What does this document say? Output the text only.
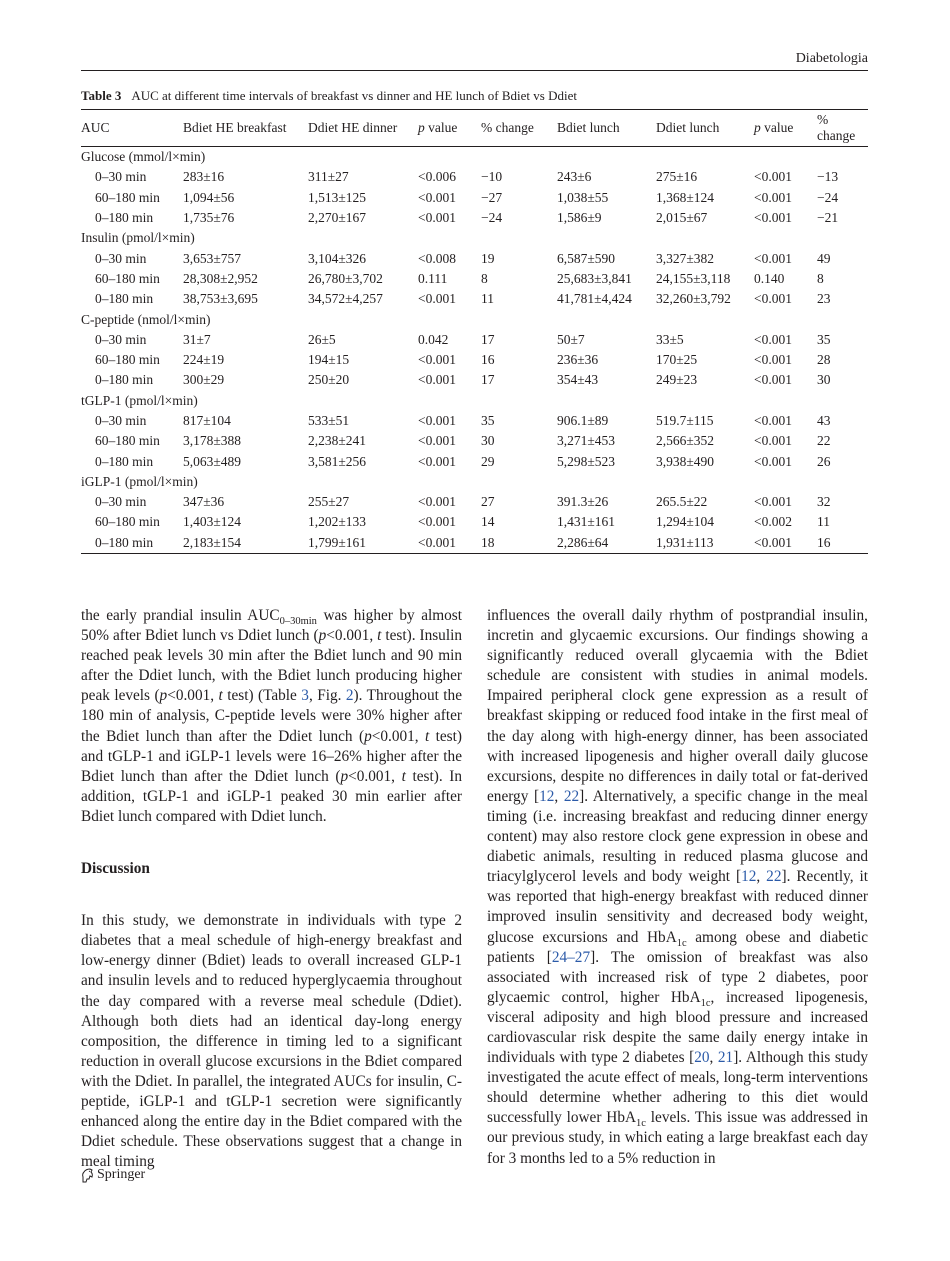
Diabetologia
Table 3 AUC at different time intervals of breakfast vs dinner and HE lunch of Bdiet vs Ddiet
AUC	Bdiet HE breakfast	Ddiet HE dinner	p value	% change	Bdiet lunch	Ddiet lunch	p value	% change
Glucose (mmol/l×min)								
0–30 min	283±16	311±27	<0.006	−10	243±6	275±16	<0.001	−13
60–180 min	1,094±56	1,513±125	<0.001	−27	1,038±55	1,368±124	<0.001	−24
0–180 min	1,735±76	2,270±167	<0.001	−24	1,586±9	2,015±67	<0.001	−21
Insulin (pmol/l×min)								
0–30 min	3,653±757	3,104±326	<0.008	19	6,587±590	3,327±382	<0.001	49
60–180 min	28,308±2,952	26,780±3,702	0.111	8	25,683±3,841	24,155±3,118	0.140	8
0–180 min	38,753±3,695	34,572±4,257	<0.001	11	41,781±4,424	32,260±3,792	<0.001	23
C-peptide (nmol/l×min)								
0–30 min	31±7	26±5	0.042	17	50±7	33±5	<0.001	35
60–180 min	224±19	194±15	<0.001	16	236±36	170±25	<0.001	28
0–180 min	300±29	250±20	<0.001	17	354±43	249±23	<0.001	30
tGLP-1 (pmol/l×min)								
0–30 min	817±104	533±51	<0.001	35	906.1±89	519.7±115	<0.001	43
60–180 min	3,178±388	2,238±241	<0.001	30	3,271±453	2,566±352	<0.001	22
0–180 min	5,063±489	3,581±256	<0.001	29	5,298±523	3,938±490	<0.001	26
iGLP-1 (pmol/l×min)								
0–30 min	347±36	255±27	<0.001	27	391.3±26	265.5±22	<0.001	32
60–180 min	1,403±124	1,202±133	<0.001	14	1,431±161	1,294±104	<0.002	11
0–180 min	2,183±154	1,799±161	<0.001	18	2,286±64	1,931±113	<0.001	16

the early prandial insulin $AUC_{0-30min}$ was higher by almost 50% after Bdiet lunch vs Ddiet lunch (p<0.001, t test). Insulin reached peak levels 30 min after the Bdiet lunch and 90 min after the Ddiet lunch, with the Bdiet lunch producing higher peak levels (p<0.001, t test) (Table 3, Fig. 2). Throughout the 180 min of analysis, C-peptide levels were 30% higher after the Bdiet lunch than after the Ddiet lunch (p<0.001, t test) and tGLP-1 and iGLP-1 levels were 16–26% higher after the Bdiet lunch than after the Ddiet lunch (p<0.001, t test). In addition, tGLP-1 and iGLP-1 peaked 30 min earlier after Bdiet lunch compared with Ddiet lunch.

Discussion

In this study, we demonstrate in individuals with type 2 diabetes that a meal schedule of high-energy breakfast and low-energy dinner (Bdiet) leads to overall increased GLP-1 and insulin levels and to reduced hyperglycaemia throughout the day compared with a reverse meal schedule (Ddiet). Although both diets had an identical day-long energy composition, the difference in timing led to a significant reduction in overall glucose excursions in the Bdiet compared with the Ddiet. In parallel, the integrated AUCs for insulin, C-peptide, iGLP-1 and tGLP-1 secretion were significantly enhanced along the entire day in the Bdiet compared with the Ddiet schedule. These observations suggest that a change in meal timing

influences the overall daily rhythm of postprandial insulin, incretin and glycaemic excursions. Our findings showing a significantly reduced overall glycaemia with the Bdiet schedule are consistent with studies in animal models. Impaired peripheral clock gene expression as a result of breakfast skipping or reduced food intake in the first meal of the day along with high-energy dinner, has been associated with increased lipogenesis and higher overall daily glucose excursions, despite no differences in daily total or fat-derived energy [12, 22]. Alternatively, a specific change in the meal timing (i.e. increasing breakfast and reducing dinner energy content) may also restore clock gene expression in obese and diabetic animals, resulting in reduced plasma glucose and triacylglycerol levels and body weight [12, 22]. Recently, it was reported that high-energy breakfast with reduced dinner improved insulin sensitivity and decreased body weight, glucose excursions and HbA$_{1c}$ among obese and diabetic patients [24–27]. The omission of breakfast was also associated with increased risk of type 2 diabetes, poor glycaemic control, higher HbA$_{1c}$, increased lipogenesis, visceral adiposity and high blood pressure and increased cardiovascular risk despite the same daily energy intake in individuals with type 2 diabetes [20, 21]. Although this study investigated the acute effect of meals, long-term interventions should determine whether adhering to this diet would successfully lower HbA$_{1c}$ levels. This issue was addressed in our previous study, in which eating a large breakfast each day for 3 months led to a 5% reduction in

Springer
